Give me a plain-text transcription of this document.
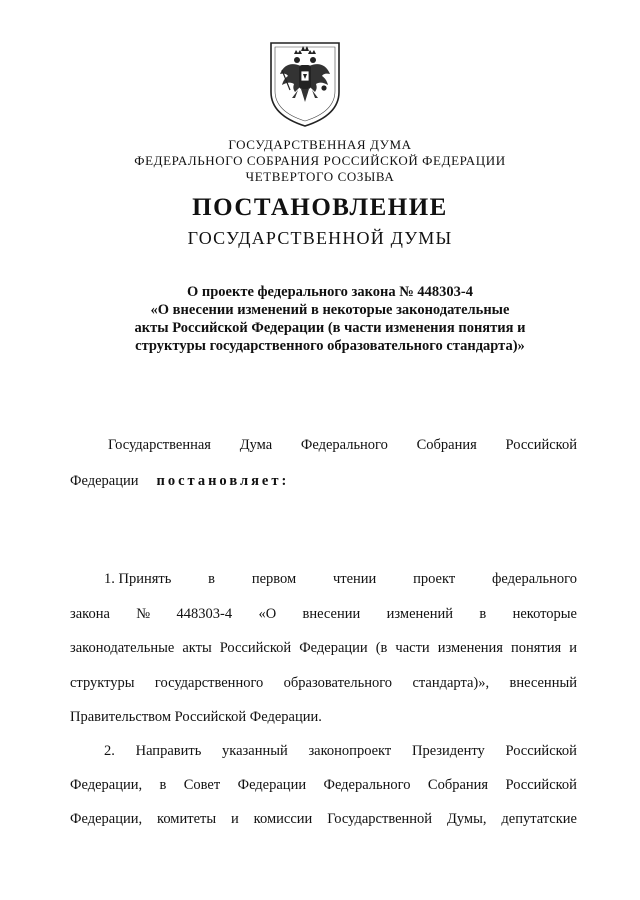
ГОСУДАРСТВЕННАЯ ДУМА
ФЕДЕРАЛЬНОГО СОБРАНИЯ РОССИЙСКОЙ ФЕДЕРАЦИИ
ЧЕТВЕРТОГО СОЗЫВА
ПОСТАНОВЛЕНИЕ
ГОСУДАРСТВЕННОЙ ДУМЫ
О проекте федерального закона № 448303-4
«О внесении изменений в некоторые законодательные
акты Российской Федерации (в части изменения понятия и
структуры государственного образовательного стандарта)»
Государственная Дума Федерального Собрания Российской
Федерации постановляет:
1. Принять	в	первом	чтении	проект	федерального
закона № 448303-4 «О внесении изменений в некоторые
законодательные акты Российской Федерации (в части изменения понятия и
структуры государственного образовательного стандарта)», внесенный
Правительством Российской Федерации.
2. Направить указанный законопроект Президенту Российской
Федерации, в Совет Федерации Федерального Собрания Российской
Федерации, комитеты и комиссии Государственной Думы, депутатские
